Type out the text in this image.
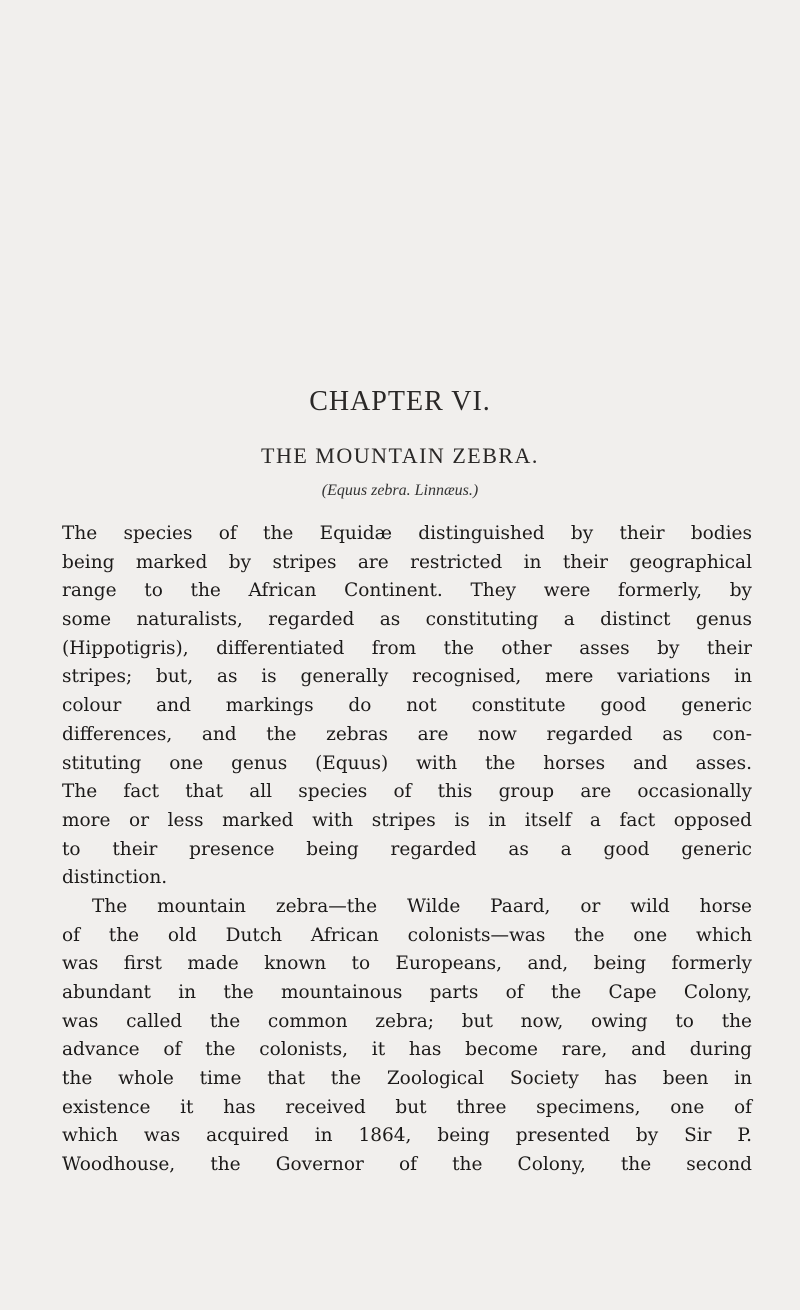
CHAPTER VI.
THE MOUNTAIN ZEBRA.
(Equus zebra. Linnæus.)
The species of the Equidæ distinguished by their bodies
being marked by stripes are restricted in their geographical
range to the African Continent. They were formerly, by
some naturalists, regarded as constituting a distinct genus
(Hippotigris), differentiated from the other asses by their
stripes; but, as is generally recognised, mere variations in
colour and markings do not constitute good generic
differences, and the zebras are now regarded as con-
stituting one genus (Equus) with the horses and asses.
The fact that all species of this group are occasionally
more or less marked with stripes is in itself a fact opposed
to their presence being regarded as a good generic
distinction.
The mountain zebra—the Wilde Paard, or wild horse
of the old Dutch African colonists—was the one which
was first made known to Europeans, and, being formerly
abundant in the mountainous parts of the Cape Colony,
was called the common zebra; but now, owing to the
advance of the colonists, it has become rare, and during
the whole time that the Zoological Society has been in
existence it has received but three specimens, one of
which was acquired in 1864, being presented by Sir P.
Woodhouse, the Governor of the Colony, the second
